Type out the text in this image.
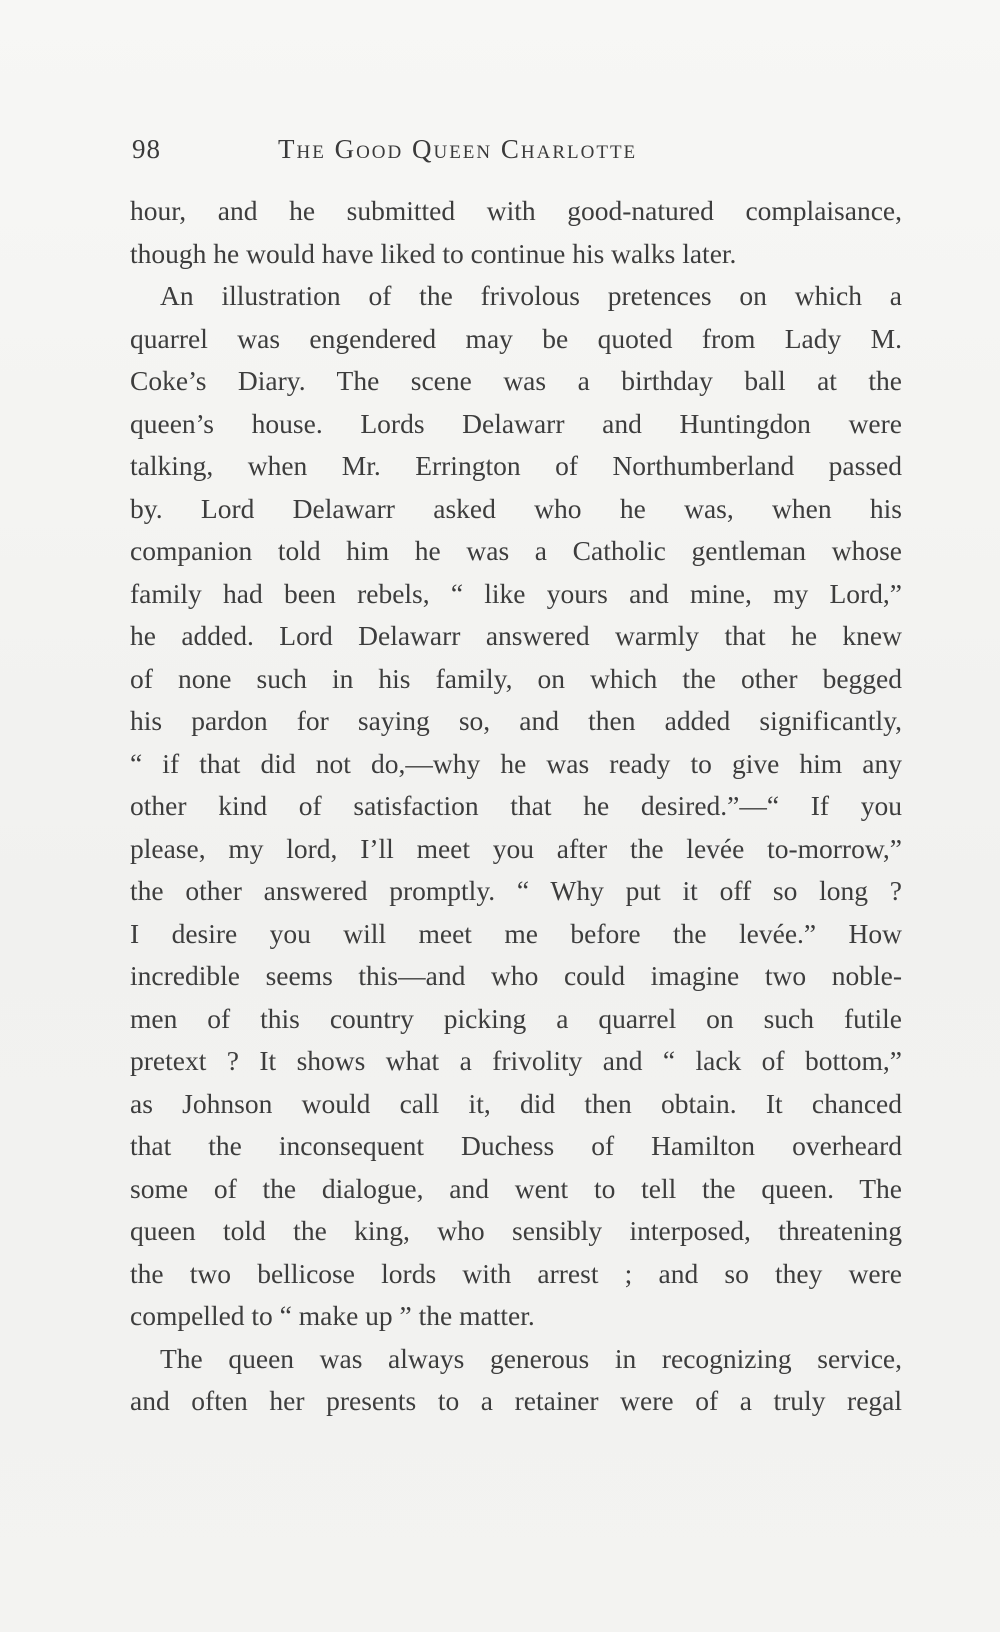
98	The Good Queen Charlotte
hour, and he submitted with good-natured complaisance,
though he would have liked to continue his walks later.
An illustration of the frivolous pretences on which a
quarrel was engendered may be quoted from Lady M.
Coke’s Diary. The scene was a birthday ball at the
queen’s house. Lords Delawarr and Huntingdon were
talking, when Mr. Errington of Northumberland passed
by. Lord Delawarr asked who he was, when his
companion told him he was a Catholic gentleman whose
family had been rebels, “ like yours and mine, my Lord,”
he added. Lord Delawarr answered warmly that he knew
of none such in his family, on which the other begged
his pardon for saying so, and then added significantly,
“ if that did not do,—why he was ready to give him any
other kind of satisfaction that he desired.”—“ If you
please, my lord, I’ll meet you after the levée to-morrow,”
the other answered promptly. “ Why put it off so long ?
I desire you will meet me before the levée.” How
incredible seems this—and who could imagine two noble-
men of this country picking a quarrel on such futile
pretext ? It shows what a frivolity and “ lack of bottom,”
as Johnson would call it, did then obtain. It chanced
that the inconsequent Duchess of Hamilton overheard
some of the dialogue, and went to tell the queen. The
queen told the king, who sensibly interposed, threatening
the two bellicose lords with arrest ; and so they were
compelled to “ make up ” the matter.
The queen was always generous in recognizing service,
and often her presents to a retainer were of a truly regal
